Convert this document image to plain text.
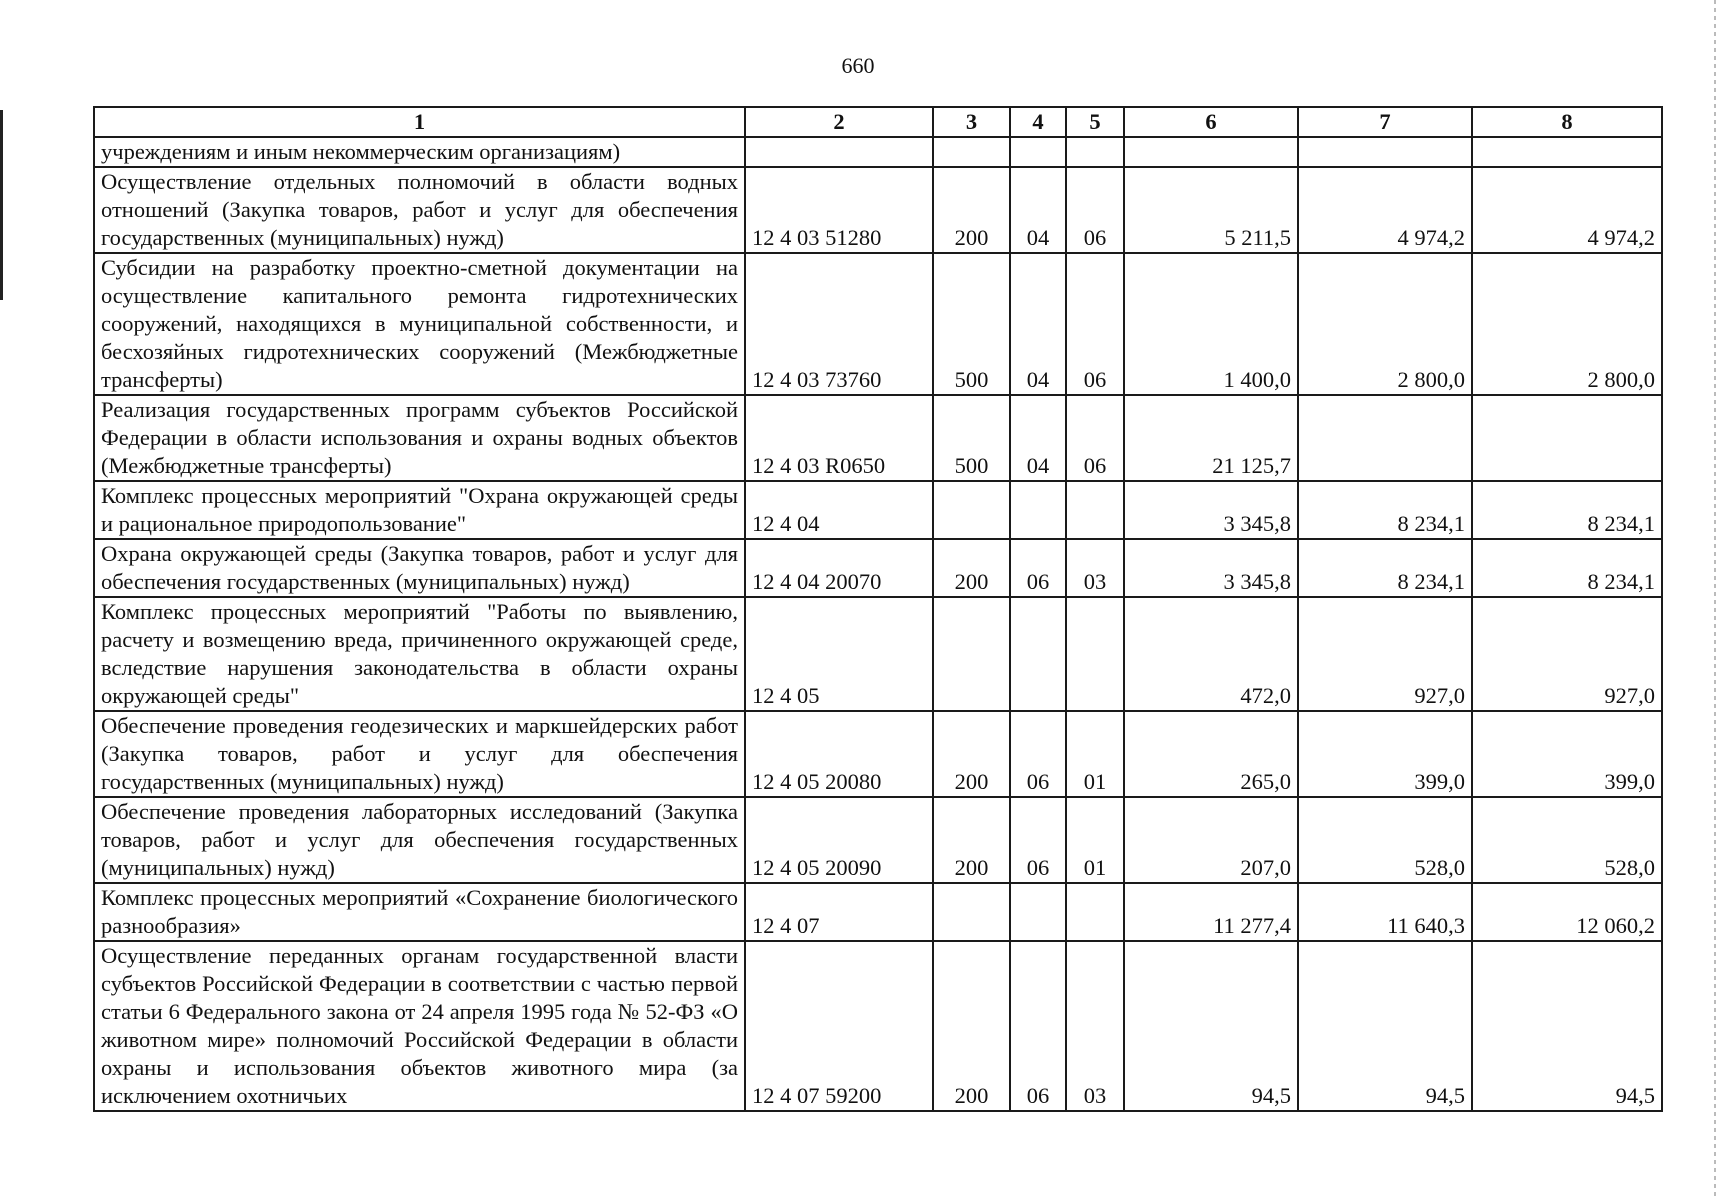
660
1	2	3	4	5	6	7	8
учреждениям и иным некоммерческим организациям)							
Осуществление отдельных полномочий в области водных отношений (Закупка товаров, работ и услуг для обеспечения государственных (муниципальных) нужд)	12 4 03 51280	200	04	06	5 211,5	4 974,2	4 974,2
Субсидии на разработку проектно-сметной документации на осуществление капитального ремонта гидротехнических сооружений, находящихся в муниципальной собственности, и бесхозяйных гидротехнических сооружений (Межбюджетные трансферты)	12 4 03 73760	500	04	06	1 400,0	2 800,0	2 800,0
Реализация государственных программ субъектов Российской Федерации в области использования и охраны водных объектов (Межбюджетные трансферты)	12 4 03 R0650	500	04	06	21 125,7		
Комплекс процессных мероприятий "Охрана окружающей среды и рациональное природопользование"	12 4 04				3 345,8	8 234,1	8 234,1
Охрана окружающей среды (Закупка товаров, работ и услуг для обеспечения государственных (муниципальных) нужд)	12 4 04 20070	200	06	03	3 345,8	8 234,1	8 234,1
Комплекс процессных мероприятий "Работы по выявлению, расчету и возмещению вреда, причиненного окружающей среде, вследствие нарушения законодательства в области охраны окружающей среды"	12 4 05				472,0	927,0	927,0
Обеспечение проведения геодезических и маркшейдерских работ (Закупка товаров, работ и услуг для обеспечения государственных (муниципальных) нужд)	12 4 05 20080	200	06	01	265,0	399,0	399,0
Обеспечение проведения лабораторных исследований (Закупка товаров, работ и услуг для обеспечения государственных (муниципальных) нужд)	12 4 05 20090	200	06	01	207,0	528,0	528,0
Комплекс процессных мероприятий «Сохранение биологического разнообразия»	12 4 07				11 277,4	11 640,3	12 060,2
Осуществление переданных органам государственной власти субъектов Российской Федерации в соответствии с частью первой статьи 6 Федерального закона от 24 апреля 1995 года № 52-ФЗ «О животном мире» полномочий Российской Федерации в области охраны и использования объектов животного мира (за исключением охотничьих	12 4 07 59200	200	06	03	94,5	94,5	94,5
